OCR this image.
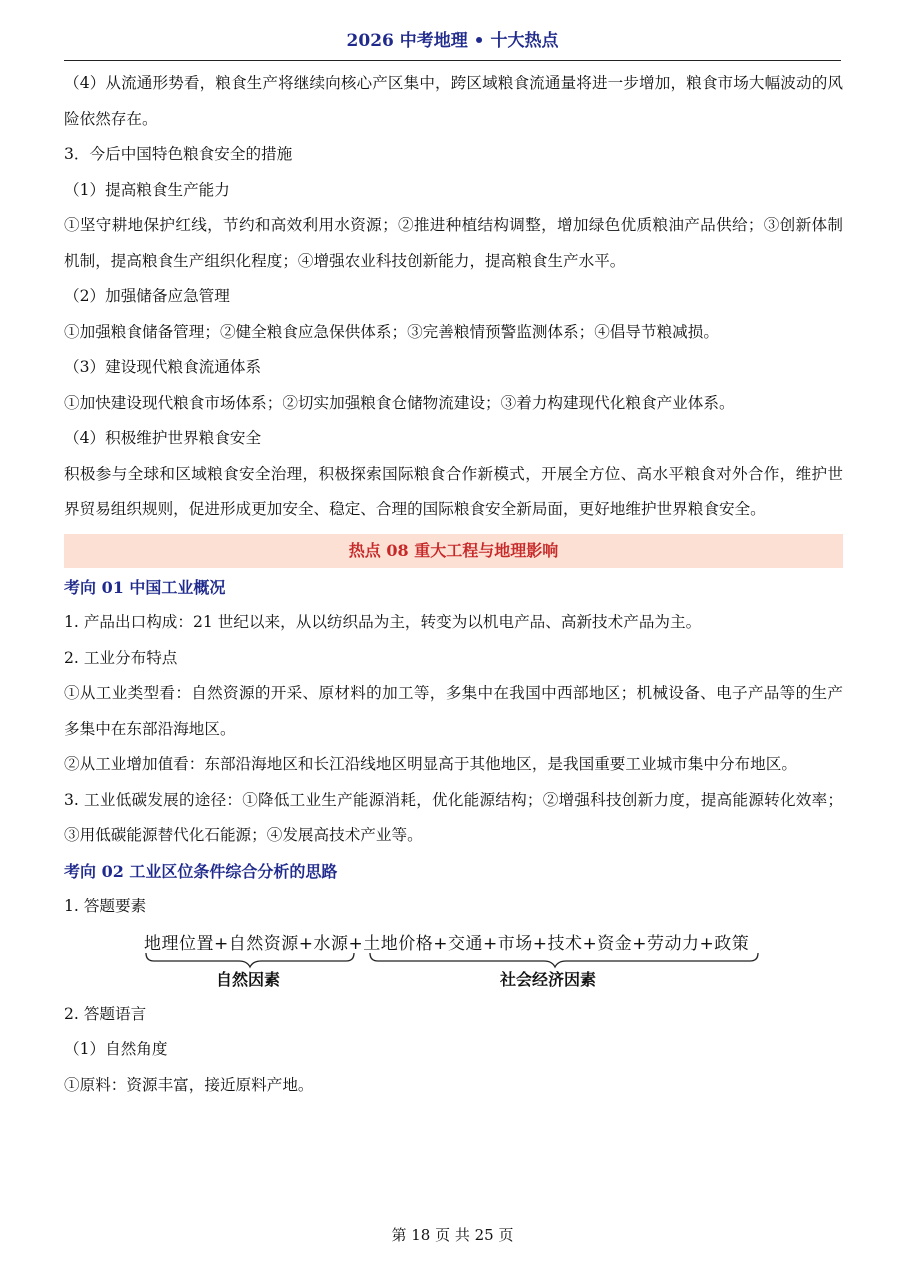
2026 中考地理 • 十大热点

（4）从流通形势看，粮食生产将继续向核心产区集中，跨区域粮食流通量将进一步增加，粮食市场大幅波动的风险依然存在。

3．今后中国特色粮食安全的措施

（1）提高粮食生产能力

①坚守耕地保护红线，节约和高效利用水资源；②推进种植结构调整，增加绿色优质粮油产品供给；③创新体制机制，提高粮食生产组织化程度；④增强农业科技创新能力，提高粮食生产水平。

（2）加强储备应急管理

①加强粮食储备管理；②健全粮食应急保供体系；③完善粮情预警监测体系；④倡导节粮减损。

（3）建设现代粮食流通体系

①加快建设现代粮食市场体系；②切实加强粮食仓储物流建设；③着力构建现代化粮食产业体系。

（4）积极维护世界粮食安全

积极参与全球和区域粮食安全治理，积极探索国际粮食合作新模式，开展全方位、高水平粮食对外合作，维护世界贸易组织规则，促进形成更加安全、稳定、合理的国际粮食安全新局面，更好地维护世界粮食安全。

热点 08 重大工程与地理影响

考向 01 中国工业概况

1. 产品出口构成：21 世纪以来，从以纺织品为主，转变为以机电产品、高新技术产品为主。

2. 工业分布特点

①从工业类型看：自然资源的开采、原材料的加工等，多集中在我国中西部地区；机械设备、电子产品等的生产多集中在东部沿海地区。

②从工业增加值看：东部沿海地区和长江沿线地区明显高于其他地区，是我国重要工业城市集中分布地区。

3. 工业低碳发展的途径：①降低工业生产能源消耗，优化能源结构；②增强科技创新力度，提高能源转化效率；③用低碳能源替代化石能源；④发展高技术产业等。

考向 02 工业区位条件综合分析的思路

1. 答题要素

地理位置+自然资源+水源+土地价格+交通+市场+技术+资金+劳动力+政策
自然因素	社会经济因素

2. 答题语言

（1）自然角度

①原料：资源丰富，接近原料产地。

第 18 页 共 25 页
